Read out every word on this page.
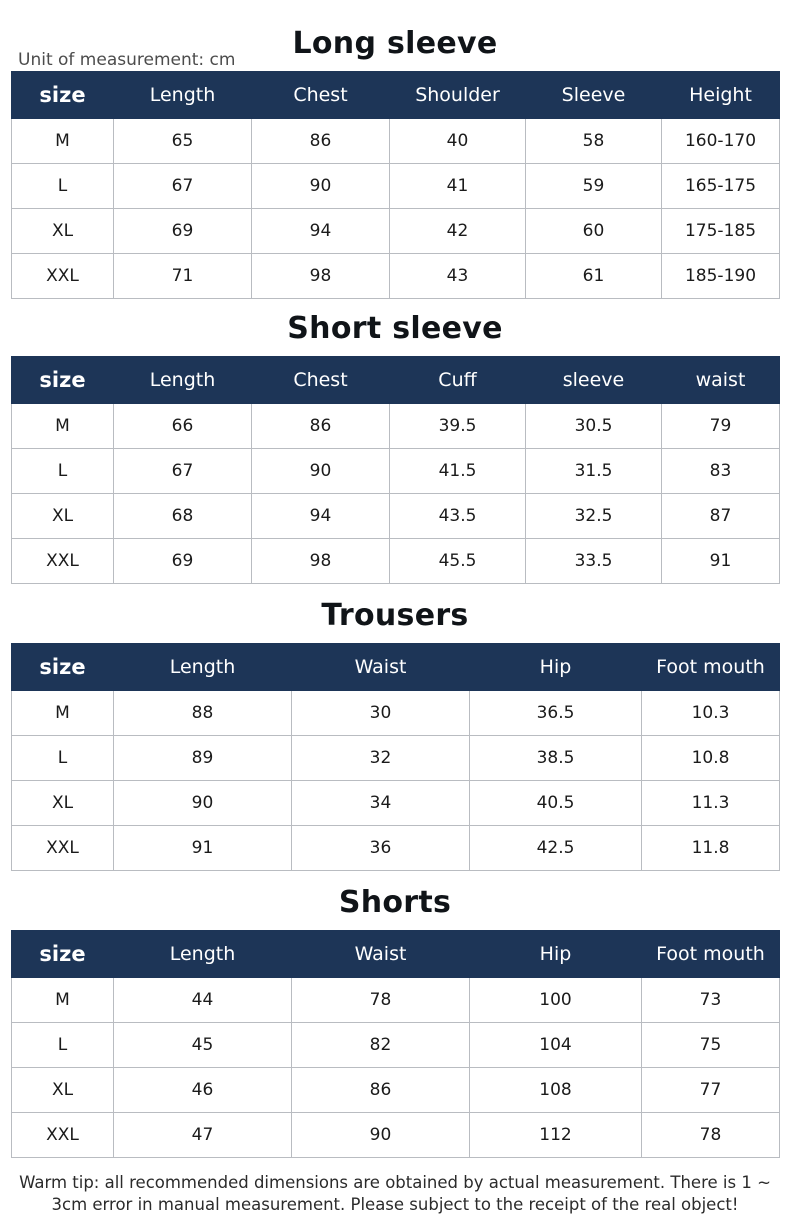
Unit of measurement: cm	Long sleeve
size	Length	Chest	Shoulder	Sleeve	Height
M	65	86	40	58	160-170
L	67	90	41	59	165-175
XL	69	94	42	60	175-185
XXL	71	98	43	61	185-190
Short sleeve
size	Length	Chest	Cuff	sleeve	waist
M	66	86	39.5	30.5	79
L	67	90	41.5	31.5	83
XL	68	94	43.5	32.5	87
XXL	69	98	45.5	33.5	91
Trousers
size	Length	Waist	Hip	Foot mouth
M	88	30	36.5	10.3
L	89	32	38.5	10.8
XL	90	34	40.5	11.3
XXL	91	36	42.5	11.8
Shorts
size	Length	Waist	Hip	Foot mouth
M	44	78	100	73
L	45	82	104	75
XL	46	86	108	77
XXL	47	90	112	78
Warm tip: all recommended dimensions are obtained by actual measurement. There is 1 ~ 3cm error in manual measurement. Please subject to the receipt of the real object!
